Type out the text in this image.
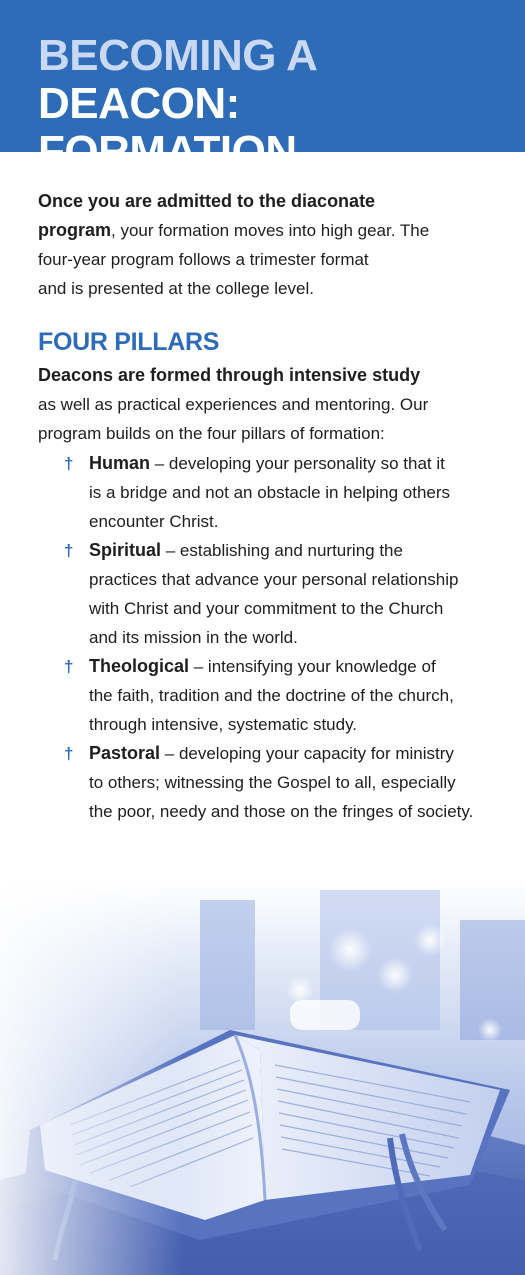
BECOMING A DEACON:
FORMATION

Once you are admitted to the diaconate
program, your formation moves into high gear. The
four-year program follows a trimester format
and is presented at the college level.

FOUR PILLARS

Deacons are formed through intensive study
as well as practical experiences and mentoring. Our
program builds on the four pillars of formation:

† Human – developing your personality so that it
is a bridge and not an obstacle in helping others
encounter Christ.
† Spiritual – establishing and nurturing the
practices that advance your personal relationship
with Christ and your commitment to the Church
and its mission in the world.
† Theological – intensifying your knowledge of
the faith, tradition and the doctrine of the church,
through intensive, systematic study.
† Pastoral – developing your capacity for ministry
to others; witnessing the Gospel to all, especially
the poor, needy and those on the fringes of society.
